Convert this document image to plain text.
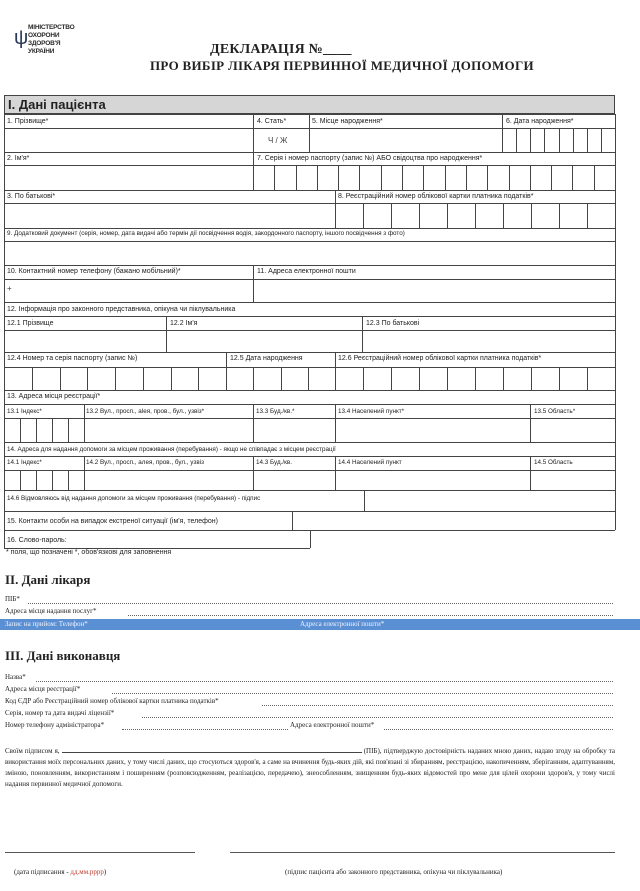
ψ МІНІСТЕРСТВО
ОХОРОНИ
ЗДОРОВ'Я
УКРАЇНИ	ДЕКЛАРАЦІЯ №____
ПРО ВИБІР ЛІКАРЯ ПЕРВИННОЇ МЕДИЧНОЇ ДОПОМОГИ
І. Дані пацієнта
1. Прізвище*	4. Стать*
Ч / Ж
5. Місце народження*	6. Дата народження*
2. Ім'я*	7. Серія і номер паспорту (запис №) АБО свідоцтва про народження*
3. По батькові*	8. Реєстраційний номер облікової картки платника податків*
9. Додатковий документ (серія, номер, дата видачі або термін дії посвідчення водія, закордонного паспорту, іншого посвідчення з фото)
10. Контактний номер телефону (бажано мобільний)*
+
11. Адреса електронної пошти
12. Інформація про законного представника, опікуна чи піклувальника
12.1 Прізвище	12.2 Ім'я	12.3 По батькові
12.4 Номер та серія паспорту (запис №)	12.5 Дата народження	12.6 Реєстраційний номер облікової картки платника податків*
13. Адреса місця реєстрації*
13.1 Індекс*	13.2 Вул., просп., alея, пров., бул., узвіз*	13.3 Буд./кв.*	13.4 Населений пункт*	13.5 Область*
14. Адреса для надання допомоги за місцем проживання (перебування) - якщо не співпадає з місцем реєстрації
14.1 Індекс*	14.2 Вул., просп., алея, пров., бул., узвіз	14.3 Буд./кв.	14.4 Населений пункт	14.5 Область
14.6 Відмовляюсь від надання допомоги за місцем проживання (перебування) - підпис
15. Контакти особи на випадок екстреної ситуації (ім'я, телефон)
16. Слово-пароль:
* поля, що позначені *, обов'язкові для заповнення
ІІ. Дані лікаря
ПІБ*
Адреса місця надання послуг*
Запис на прийом: Телефон*	Адреса електронної пошти*
ІІІ. Дані виконавця
Назва*
Адреса місця реєстрації*
Код ЄДР або Реєстраційний номер облікової картки платника податків*
Серія, номер та дата видачі ліцензії*
Номер телефону адміністратора*	Адреса електронної пошти*
Своїм підписом я,	(ПІБ), підтверджую достовірність наданих мною даних, надаю згоду на обробку та використання моїх персональних даних, у тому числі даних, що стосуються здоров'я, а саме на вчинення будь-яких дій, які пов'язані зі збиранням, реєстрацією, накопиченням, зберіганням, адаптуванням, зміною, поновленням, використанням і поширенням (розповсюдженням, реалізацією, передачею), знеособленням, знищенням будь-яких відомостей про мене для цілей охорони здоров'я, у тому числі надання первинної медичної допомоги.
(дата підписання - дд.мм.рррр)	(підпис пацієнта або законного представника, опікуна чи піклувальника)
